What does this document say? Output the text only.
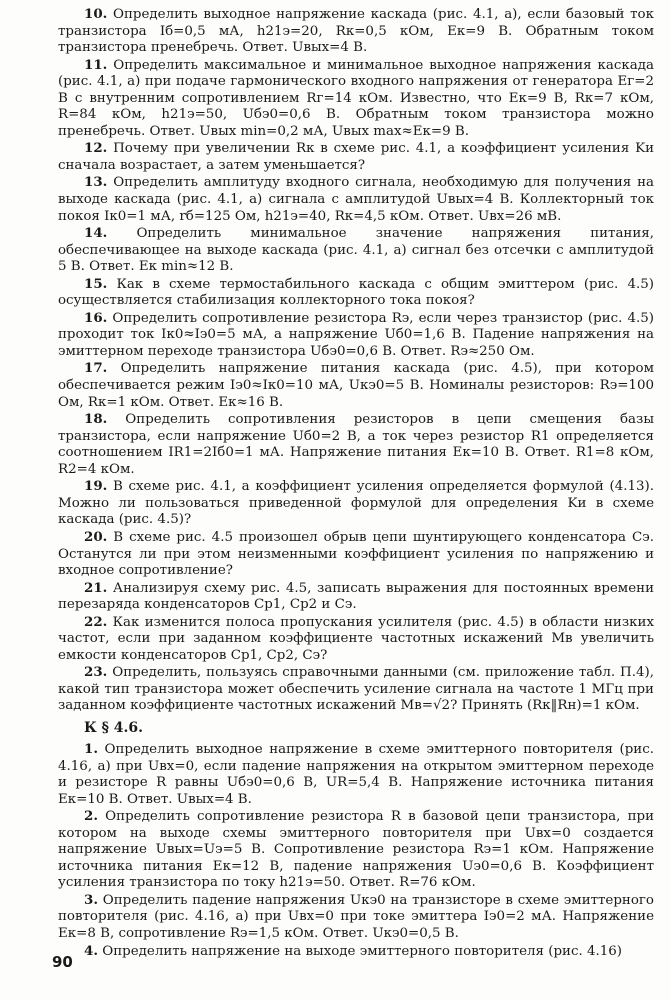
10. Определить выходное напряжение каскада (рис. 4.1, а), если базовый ток транзистора Iб=0,5 мА, h21э=20, Rк=0,5 кОм, Eк=9 В. Обратным током транзистора пренебречь. Ответ. Uвых=4 В.

11. Определить максимальное и минимальное выходное напряжения каскада (рис. 4.1, а) при подаче гармонического входного напряжения от генератора Eг=2 В с внутренним сопротивлением Rг=14 кОм. Известно, что Eк=9 В, Rк=7 кОм, R=84 кОм, h21э=50, Uбэ0=0,6 В. Обратным током транзистора можно пренебречь. Ответ. Uвых min=0,2 мА, Uвых max≈Eк=9 В.

12. Почему при увеличении Rк в схеме рис. 4.1, а коэффициент усиления Kи сначала возрастает, а затем уменьшается?

13. Определить амплитуду входного сигнала, необходимую для получения на выходе каскада (рис. 4.1, а) сигнала с амплитудой Uвых=4 В. Коллекторный ток покоя Iк0=1 мА, rб=125 Ом, h21э=40, Rк=4,5 кОм. Ответ. Uвх=26 мВ.

14. Определить минимальное значение напряжения питания, обеспечивающее на выходе каскада (рис. 4.1, а) сигнал без отсечки с амплитудой 5 В. Ответ. Eк min≈12 В.

15. Как в схеме термостабильного каскада с общим эмиттером (рис. 4.5) осуществляется стабилизация коллекторного тока покоя?

16. Определить сопротивление резистора Rэ, если через транзистор (рис. 4.5) проходит ток Iк0≈Iэ0=5 мА, а напряжение Uб0=1,6 В. Падение напряжения на эмиттерном переходе транзистора Uбэ0=0,6 В. Ответ. Rэ≈250 Ом.

17. Определить напряжение питания каскада (рис. 4.5), при котором обеспечивается режим Iэ0≈Iк0=10 мА, Uкэ0=5 В. Номиналы резисторов: Rэ=100 Ом, Rк=1 кОм. Ответ. Eк≈16 В.

18. Определить сопротивления резисторов в цепи смещения базы транзистора, если напряжение Uб0=2 В, а ток через резистор R1 определяется соотношением IR1=2Iб0=1 мА. Напряжение питания Eк=10 В. Ответ. R1=8 кОм, R2=4 кОм.

19. В схеме рис. 4.1, а коэффициент усиления определяется формулой (4.13). Можно ли пользоваться приведенной формулой для определения Kи в схеме каскада (рис. 4.5)?

20. В схеме рис. 4.5 произошел обрыв цепи шунтирующего конденсатора Cэ. Останутся ли при этом неизменными коэффициент усиления по напряжению и входное сопротивление?

21. Анализируя схему рис. 4.5, записать выражения для постоянных времени перезаряда конденсаторов Cр1, Cр2 и Cэ.

22. Как изменится полоса пропускания усилителя (рис. 4.5) в области низких частот, если при заданном коэффициенте частотных искажений Mв увеличить емкости конденсаторов Cр1, Cр2, Cэ?

23. Определить, пользуясь справочными данными (см. приложение табл. П.4), какой тип транзистора может обеспечить усиление сигнала на частоте 1 МГц при заданном коэффициенте частотных искажений Mв=√2? Принять (Rк‖Rн)=1 кОм.

К § 4.6.

1. Определить выходное напряжение в схеме эмиттерного повторителя (рис. 4.16, а) при Uвх=0, если падение напряжения на открытом эмиттерном переходе и резисторе R равны Uбэ0=0,6 В, UR=5,4 В. Напряжение источника питания Eк=10 В. Ответ. Uвых=4 В.

2. Определить сопротивление резистора R в базовой цепи транзистора, при котором на выходе схемы эмиттерного повторителя при Uвх=0 создается напряжение Uвых=Uэ=5 В. Сопротивление резистора Rэ=1 кОм. Напряжение источника питания Eк=12 В, падение напряжения Uэ0=0,6 В. Коэффициент усиления транзистора по току h21э=50. Ответ. R=76 кОм.

3. Определить падение напряжения Uкэ0 на транзисторе в схеме эмиттерного повторителя (рис. 4.16, а) при Uвх=0 при токе эмиттера Iэ0=2 мА. Напряжение Eк=8 В, сопротивление Rэ=1,5 кОм. Ответ. Uкэ0=0,5 В.

4. Определить напряжение на выходе эмиттерного повторителя (рис. 4.16)

90
